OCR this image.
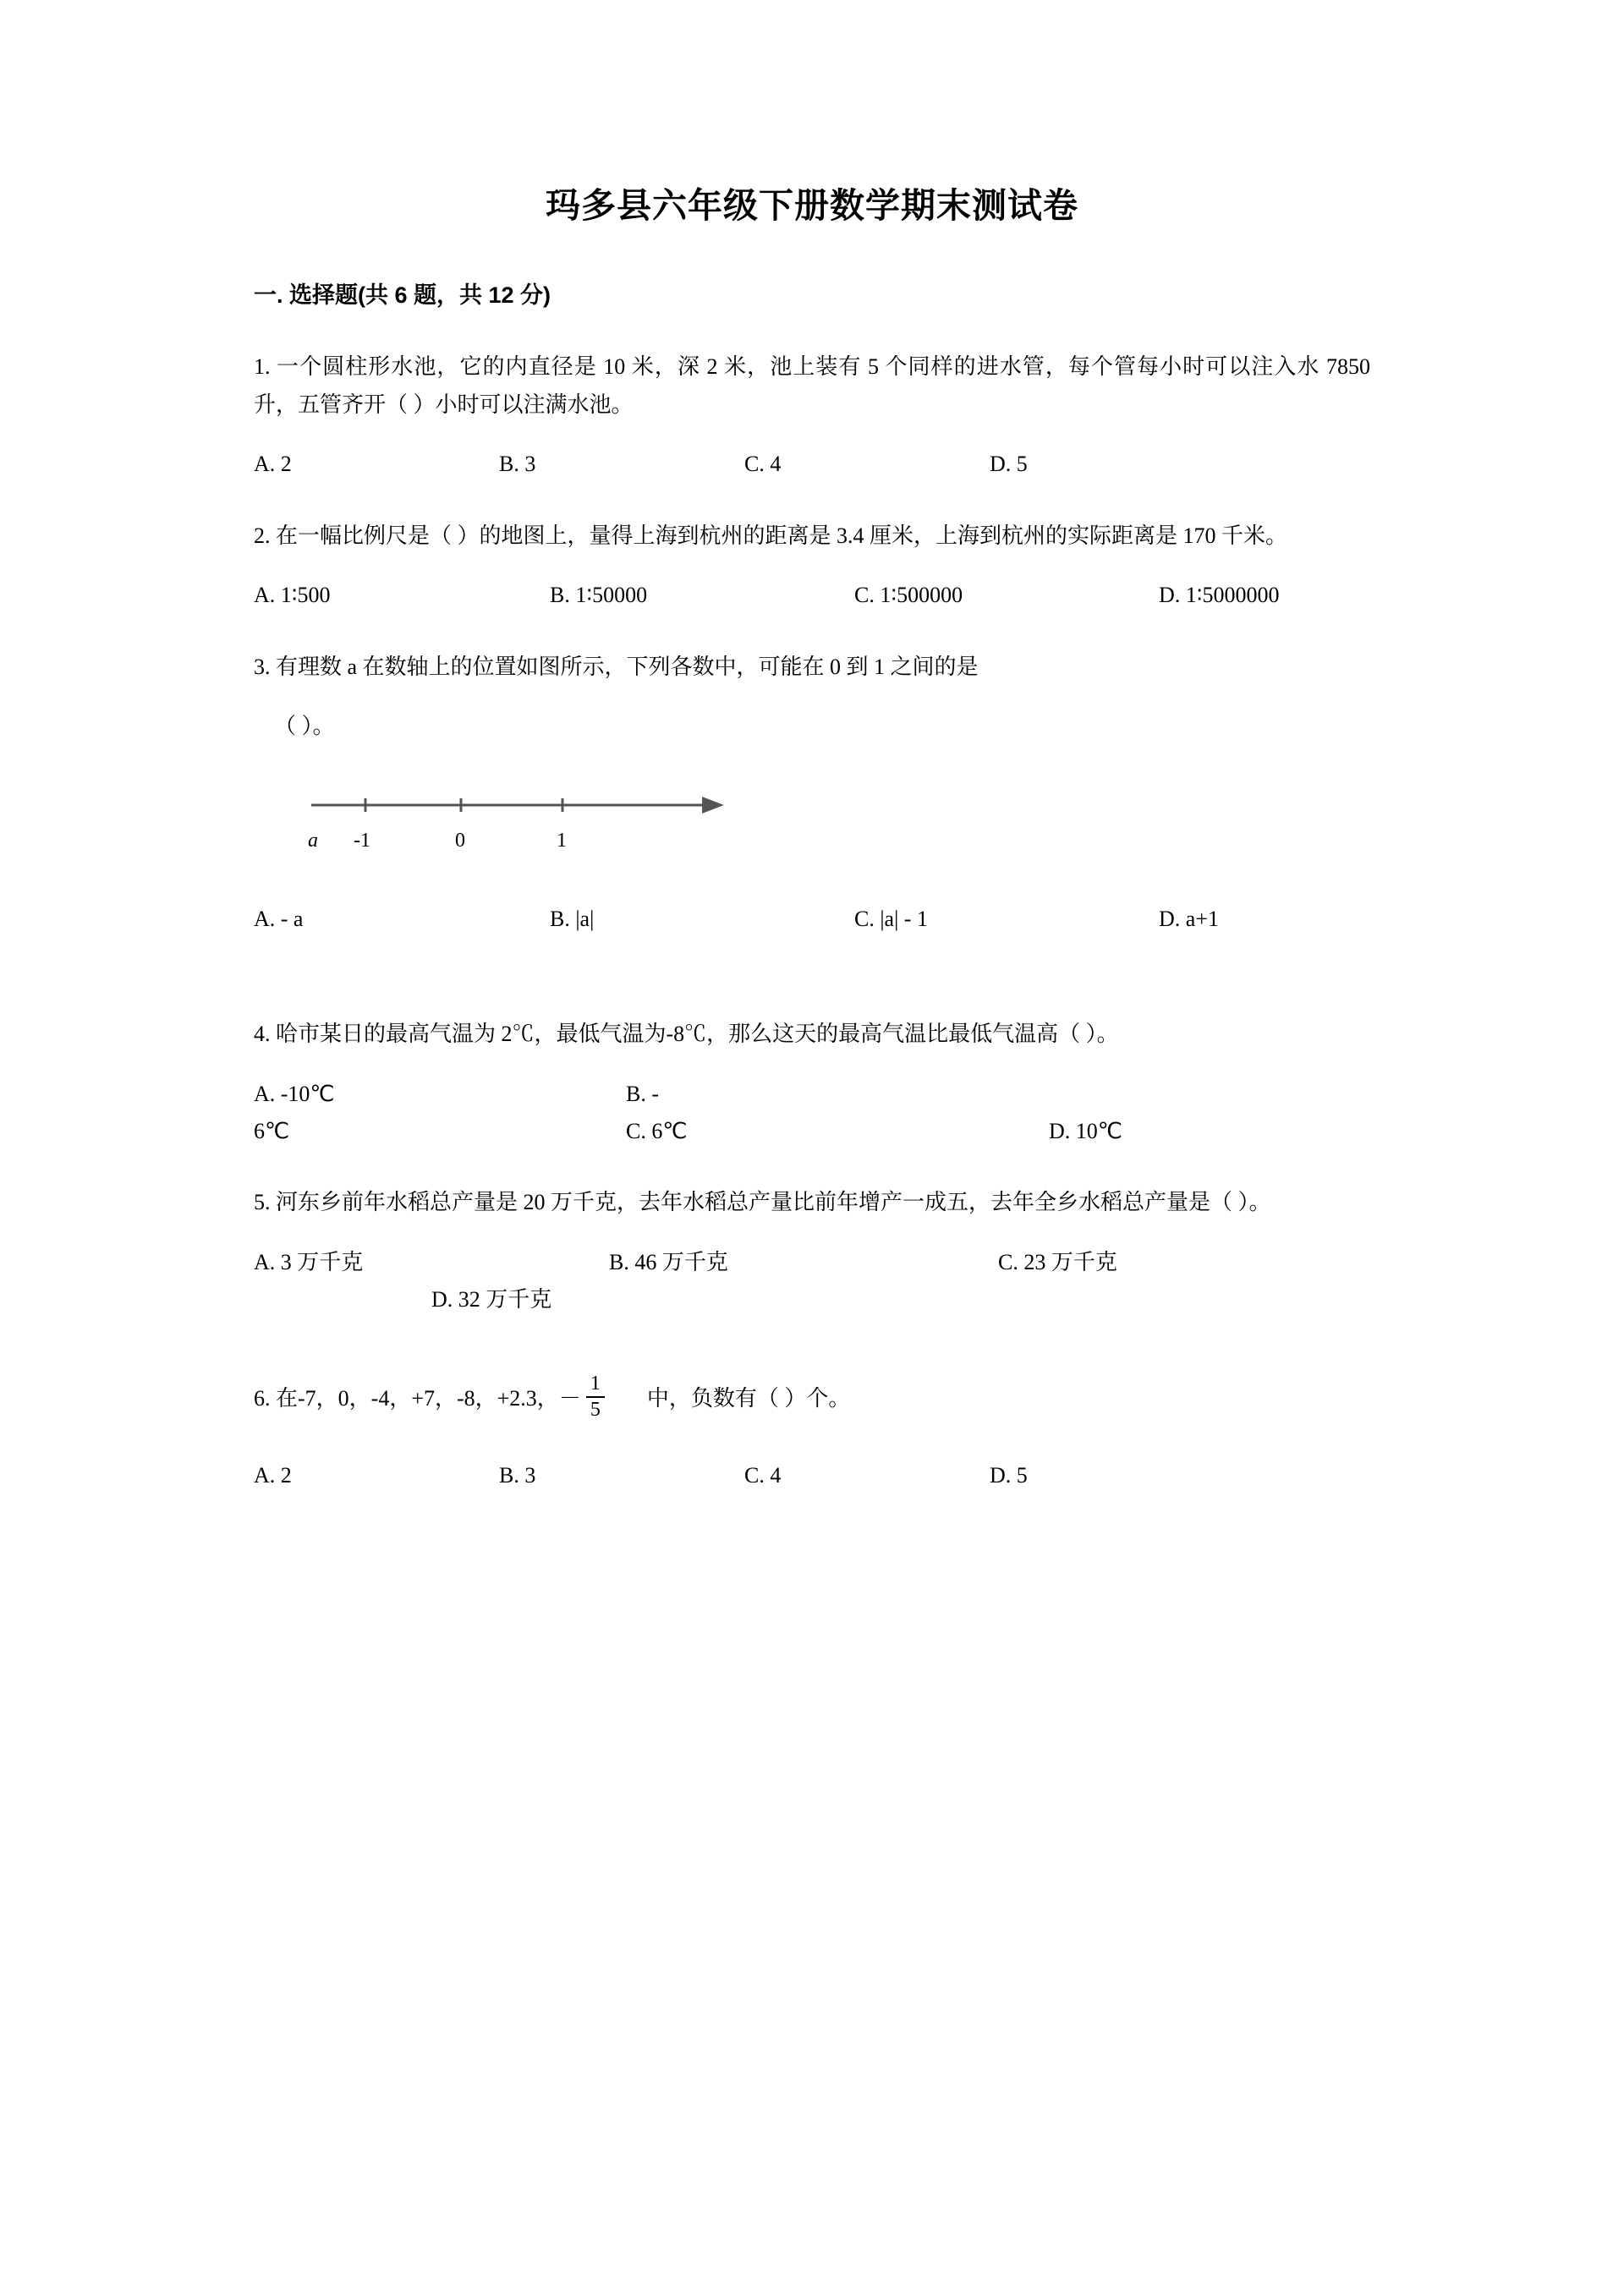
玛多县六年级下册数学期末测试卷
一. 选择题(共 6 题，共 12 分)
1. 一个圆柱形水池，它的内直径是 10 米，深 2 米，池上装有 5 个同样的进水管，每个管每小时可以注入水 7850 升，五管齐开（ ）小时可以注满水池。
A. 2	B. 3	C. 4	D. 5
2. 在一幅比例尺是（ ）的地图上，量得上海到杭州的距离是 3.4 厘米，上海到杭州的实际距离是 170 千米。
A. 1∶500	B. 1∶50000	C. 1∶500000	D. 1∶5000000
3. 有理数 a 在数轴上的位置如图所示，下列各数中，可能在 0 到 1 之间的是
（ ）。
a -1	0	1
A. - a	B. |a|	C. |a| - 1	D. a+1
4. 哈市某日的最高气温为 2℃，最低气温为-8℃，那么这天的最高气温比最低气温高（ ）。
A. -10℃	B. -
6℃	C. 6℃	D. 10℃
5. 河东乡前年水稻总产量是 20 万千克，去年水稻总产量比前年增产一成五，去年全乡水稻总产量是（ ）。
A. 3 万千克	B. 46 万千克	C. 23 万千克
D. 32 万千克
6. 在-7，0，-4，+7，-8，+2.3，－ $\frac{1}{5}$	中，负数有（ ）个。
A. 2	B. 3	C. 4	D. 5
